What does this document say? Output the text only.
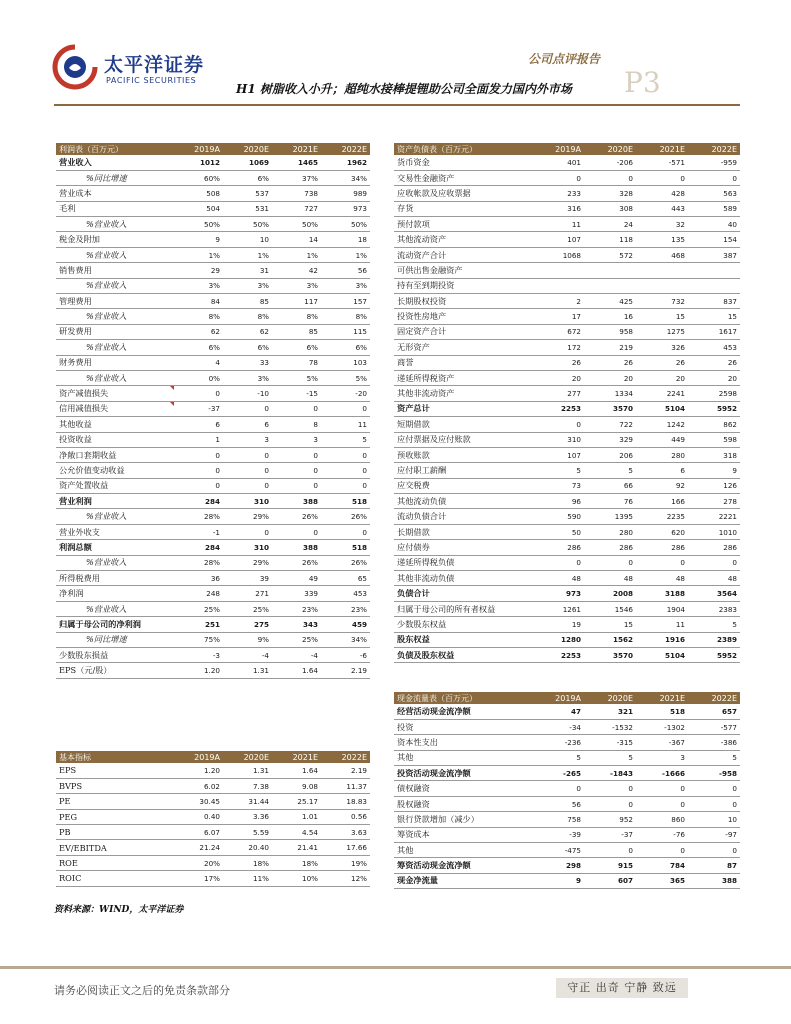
太平洋证券
PACIFIC SECURITIES
公司点评报告
P3
H1 树脂收入小升；超纯水接棒提锂助公司全面发力国内外市场
利润表（百万元）	2019A	2020E	2021E	2022E
营业收入	1012	1069	1465	1962
%同比增速	60%	6%	37%	34%
营业成本	508	537	738	989
毛利	504	531	727	973
%营业收入	50%	50%	50%	50%
税金及附加	9	10	14	18
%营业收入	1%	1%	1%	1%
销售费用	29	31	42	56
%营业收入	3%	3%	3%	3%
管理费用	84	85	117	157
%营业收入	8%	8%	8%	8%
研发费用	62	62	85	115
%营业收入	6%	6%	6%	6%
财务费用	4	33	78	103
%营业收入	0%	3%	5%	5%
资产减值损失	0	-10	-15	-20
信用减值损失	-37	0	0	0
其他收益	6	6	8	11
投资收益	1	3	3	5
净敞口套期收益	0	0	0	0
公允价值变动收益	0	0	0	0
资产处置收益	0	0	0	0
营业利润	284	310	388	518
%营业收入	28%	29%	26%	26%
营业外收支	-1	0	0	0
利润总额	284	310	388	518
%营业收入	28%	29%	26%	26%
所得税费用	36	39	49	65
净利润	248	271	339	453
%营业收入	25%	25%	23%	23%
归属于母公司的净利润	251	275	343	459
%同比增速	75%	9%	25%	34%
少数股东损益	-3	-4	-4	-6
EPS（元/股）	1.20	1.31	1.64	2.19
资产负债表（百万元）	2019A	2020E	2021E	2022E
货币资金	401	-206	-571	-959
交易性金融资产	0	0	0	0
应收帐款及应收票据	233	328	428	563
存货	316	308	443	589
预付款项	11	24	32	40
其他流动资产	107	118	135	154
流动资产合计	1068	572	468	387
可供出售金融资产				
持有至到期投资				
长期股权投资	2	425	732	837
投资性房地产	17	16	15	15
固定资产合计	672	958	1275	1617
无形资产	172	219	326	453
商誉	26	26	26	26
递延所得税资产	20	20	20	20
其他非流动资产	277	1334	2241	2598
资产总计	2253	3570	5104	5952
短期借款	0	722	1242	862
应付票据及应付账款	310	329	449	598
预收账款	107	206	280	318
应付职工薪酬	5	5	6	9
应交税费	73	66	92	126
其他流动负债	96	76	166	278
流动负债合计	590	1395	2235	2221
长期借款	50	280	620	1010
应付债券	286	286	286	286
递延所得税负债	0	0	0	0
其他非流动负债	48	48	48	48
负债合计	973	2008	3188	3564
归属于母公司的所有者权益	1261	1546	1904	2383
少数股东权益	19	15	11	5
股东权益	1280	1562	1916	2389
负债及股东权益	2253	3570	5104	5952
现金流量表（百万元）	2019A	2020E	2021E	2022E
经营活动现金流净额	47	321	518	657
投资	-34	-1532	-1302	-577
资本性支出	-236	-315	-367	-386
其他	5	5	3	5
投资活动现金流净额	-265	-1843	-1666	-958
债权融资	0	0	0	0
股权融资	56	0	0	0
银行贷款增加（减少）	758	952	860	10
筹资成本	-39	-37	-76	-97
其他	-475	0	0	0
筹资活动现金流净额	298	915	784	87
现金净流量	9	607	365	388
基本指标	2019A	2020E	2021E	2022E
EPS	1.20	1.31	1.64	2.19
BVPS	6.02	7.38	9.08	11.37
PE	30.45	31.44	25.17	18.83
PEG	0.40	3.36	1.01	0.56
PB	6.07	5.59	4.54	3.63
EV/EBITDA	21.24	20.40	21.41	17.66
ROE	20%	18%	18%	19%
ROIC	17%	11%	10%	12%
资料来源：WIND，太平洋证券
请务必阅读正文之后的免责条款部分	守正 出奇 宁静 致远
